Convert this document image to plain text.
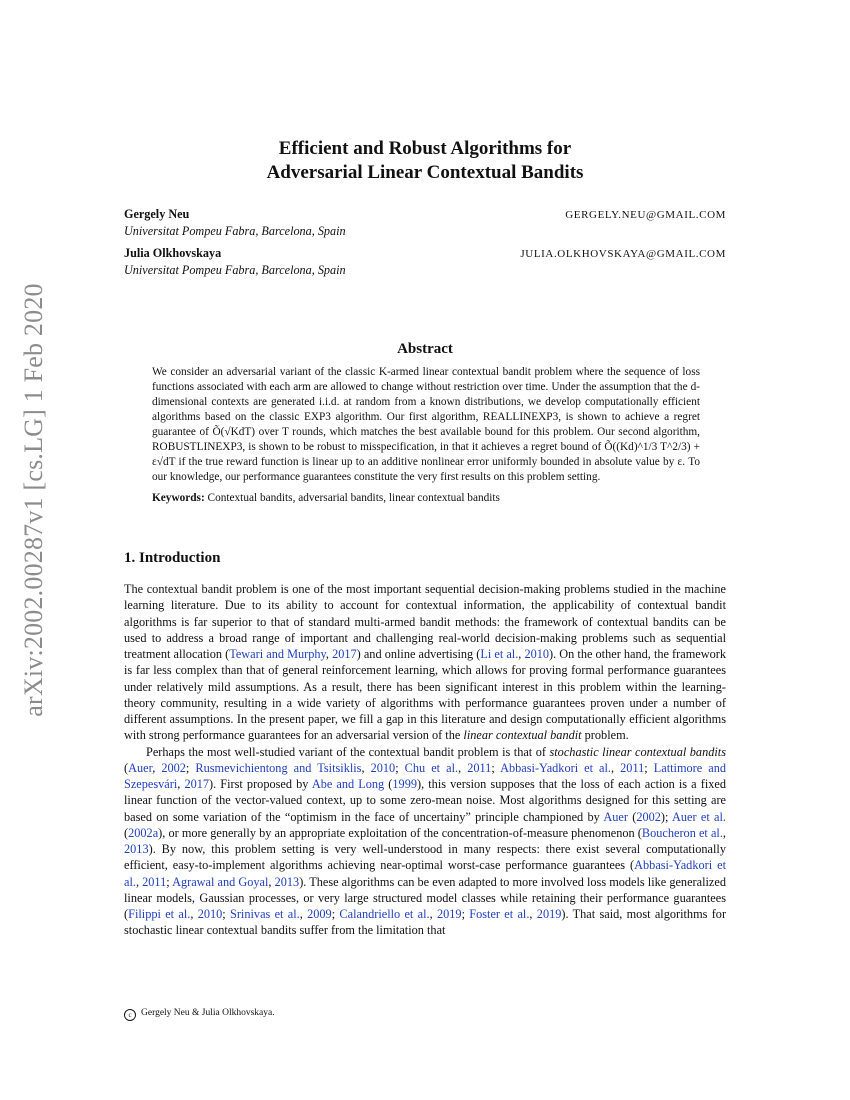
arXiv:2002.00287v1 [cs.LG] 1 Feb 2020
Efficient and Robust Algorithms for
Adversarial Linear Contextual Bandits
Gergely Neu
Universitat Pompeu Fabra, Barcelona, Spain
GERGELY.NEU@GMAIL.COM
Julia Olkhovskaya
Universitat Pompeu Fabra, Barcelona, Spain
JULIA.OLKHOVSKAYA@GMAIL.COM
Abstract

We consider an adversarial variant of the classic K-armed linear contextual bandit problem where the sequence of loss functions associated with each arm are allowed to change without restriction over time. Under the assumption that the d-dimensional contexts are generated i.i.d. at random from a known distributions, we develop computationally efficient algorithms based on the classic EXP3 algorithm. Our first algorithm, REALLINEXP3, is shown to achieve a regret guarantee of Õ(√KdT) over T rounds, which matches the best available bound for this problem. Our second algorithm, ROBUSTLINEXP3, is shown to be robust to misspecification, in that it achieves a regret bound of Õ((Kd)^1/3 T^2/3) + ε√dT if the true reward function is linear up to an additive nonlinear error uniformly bounded in absolute value by ε. To our knowledge, our performance guarantees constitute the very first results on this problem setting.

Keywords: Contextual bandits, adversarial bandits, linear contextual bandits

1. Introduction

The contextual bandit problem is one of the most important sequential decision-making problems studied in the machine learning literature. Due to its ability to account for contextual information, the applicability of contextual bandit algorithms is far superior to that of standard multi-armed bandit methods: the framework of contextual bandits can be used to address a broad range of important and challenging real-world decision-making problems such as sequential treatment allocation (Tewari and Murphy, 2017) and online advertising (Li et al., 2010). On the other hand, the framework is far less complex than that of general reinforcement learning, which allows for proving formal performance guarantees under relatively mild assumptions. As a result, there has been significant interest in this problem within the learning-theory community, resulting in a wide variety of algorithms with performance guarantees proven under a number of different assumptions. In the present paper, we fill a gap in this literature and design computationally efficient algorithms with strong performance guarantees for an adversarial version of the linear contextual bandit problem.

Perhaps the most well-studied variant of the contextual bandit problem is that of stochastic linear contextual bandits (Auer, 2002; Rusmevichientong and Tsitsiklis, 2010; Chu et al., 2011; Abbasi-Yadkori et al., 2011; Lattimore and Szepesvári, 2017). First proposed by Abe and Long (1999), this version supposes that the loss of each action is a fixed linear function of the vector-valued context, up to some zero-mean noise. Most algorithms designed for this setting are based on some variation of the “optimism in the face of uncertainy” principle championed by Auer (2002); Auer et al. (2002a), or more generally by an appropriate exploitation of the concentration-of-measure phenomenon (Boucheron et al., 2013). By now, this problem setting is very well-understood in many respects: there exist several computationally efficient, easy-to-implement algorithms achieving near-optimal worst-case performance guarantees (Abbasi-Yadkori et al., 2011; Agrawal and Goyal, 2013). These algorithms can be even adapted to more involved loss models like generalized linear models, Gaussian processes, or very large structured model classes while retaining their performance guarantees (Filippi et al., 2010; Srinivas et al., 2009; Calandriello et al., 2019; Foster et al., 2019). That said, most algorithms for stochastic linear contextual bandits suffer from the limitation that

c Gergely Neu & Julia Olkhovskaya.
